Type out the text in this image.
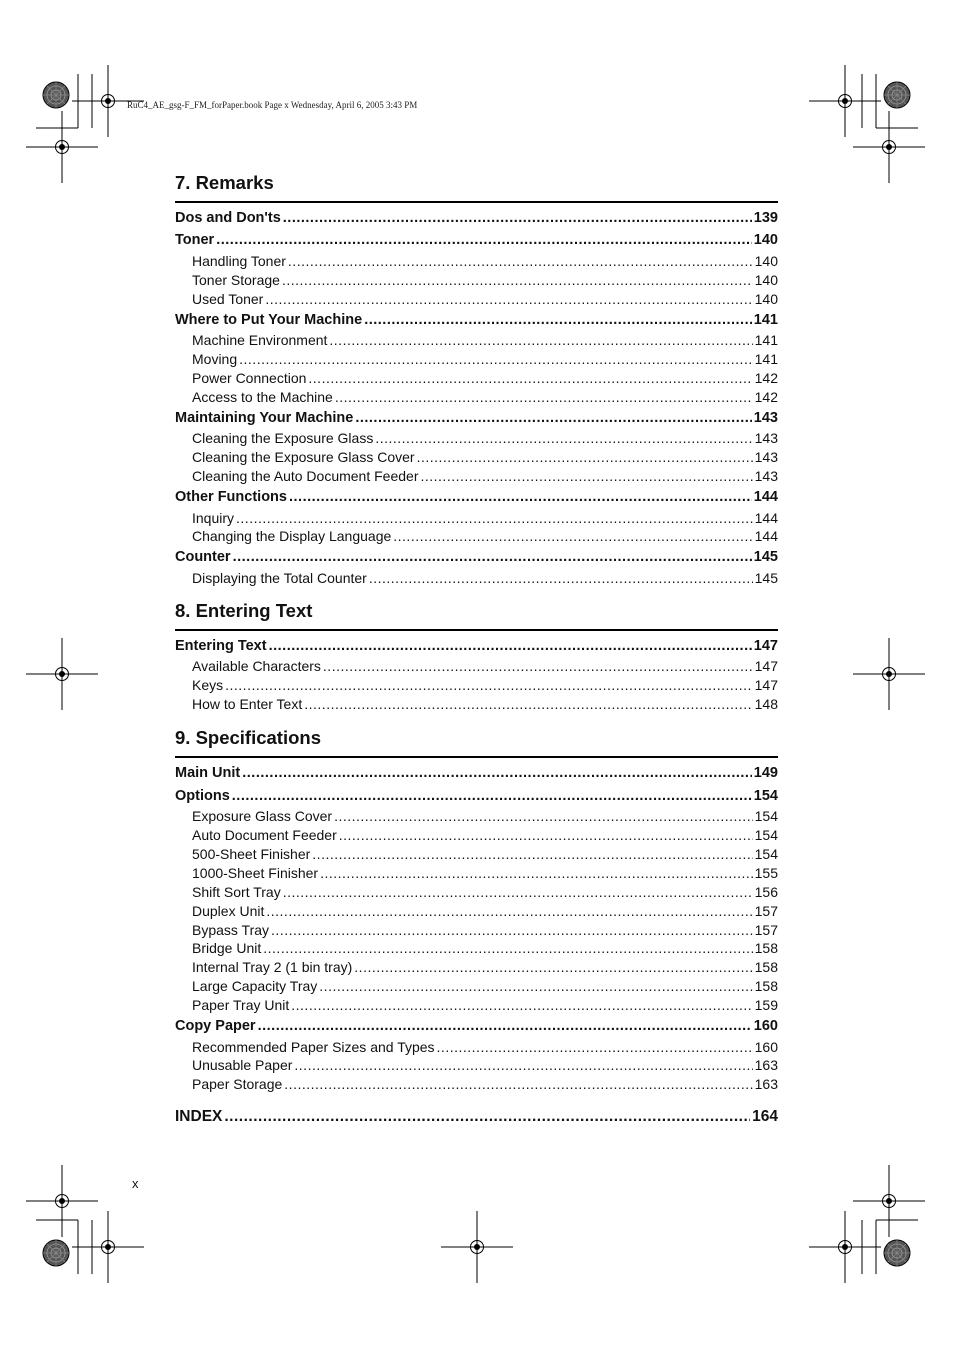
RuC4_AE_gsg-F_FM_forPaper.book Page x Wednesday, April 6, 2005 3:43 PM
7. Remarks
Dos and Don'ts .....	139
Toner .....	140
Handling Toner .....	140
Toner Storage .....	140
Used Toner .....	140
Where to Put Your Machine .....	141
Machine Environment .....	141
Moving .....	141
Power Connection .....	142
Access to the Machine .....	142
Maintaining Your Machine .....	143
Cleaning the Exposure Glass .....	143
Cleaning the Exposure Glass Cover .....	143
Cleaning the Auto Document Feeder .....	143
Other Functions .....	144
Inquiry .....	144
Changing the Display Language .....	144
Counter .....	145
Displaying the Total Counter .....	145
8. Entering Text
Entering Text .....	147
Available Characters .....	147
Keys .....	147
How to Enter Text .....	148
9. Specifications
Main Unit .....	149
Options .....	154
Exposure Glass Cover .....	154
Auto Document Feeder .....	154
500-Sheet Finisher .....	154
1000-Sheet Finisher .....	155
Shift Sort Tray .....	156
Duplex Unit .....	157
Bypass Tray .....	157
Bridge Unit .....	158
Internal Tray 2 (1 bin tray) .....	158
Large Capacity Tray .....	158
Paper Tray Unit .....	159
Copy Paper .....	160
Recommended Paper Sizes and Types .....	160
Unusable Paper .....	163
Paper Storage .....	163
INDEX .....	164
x
